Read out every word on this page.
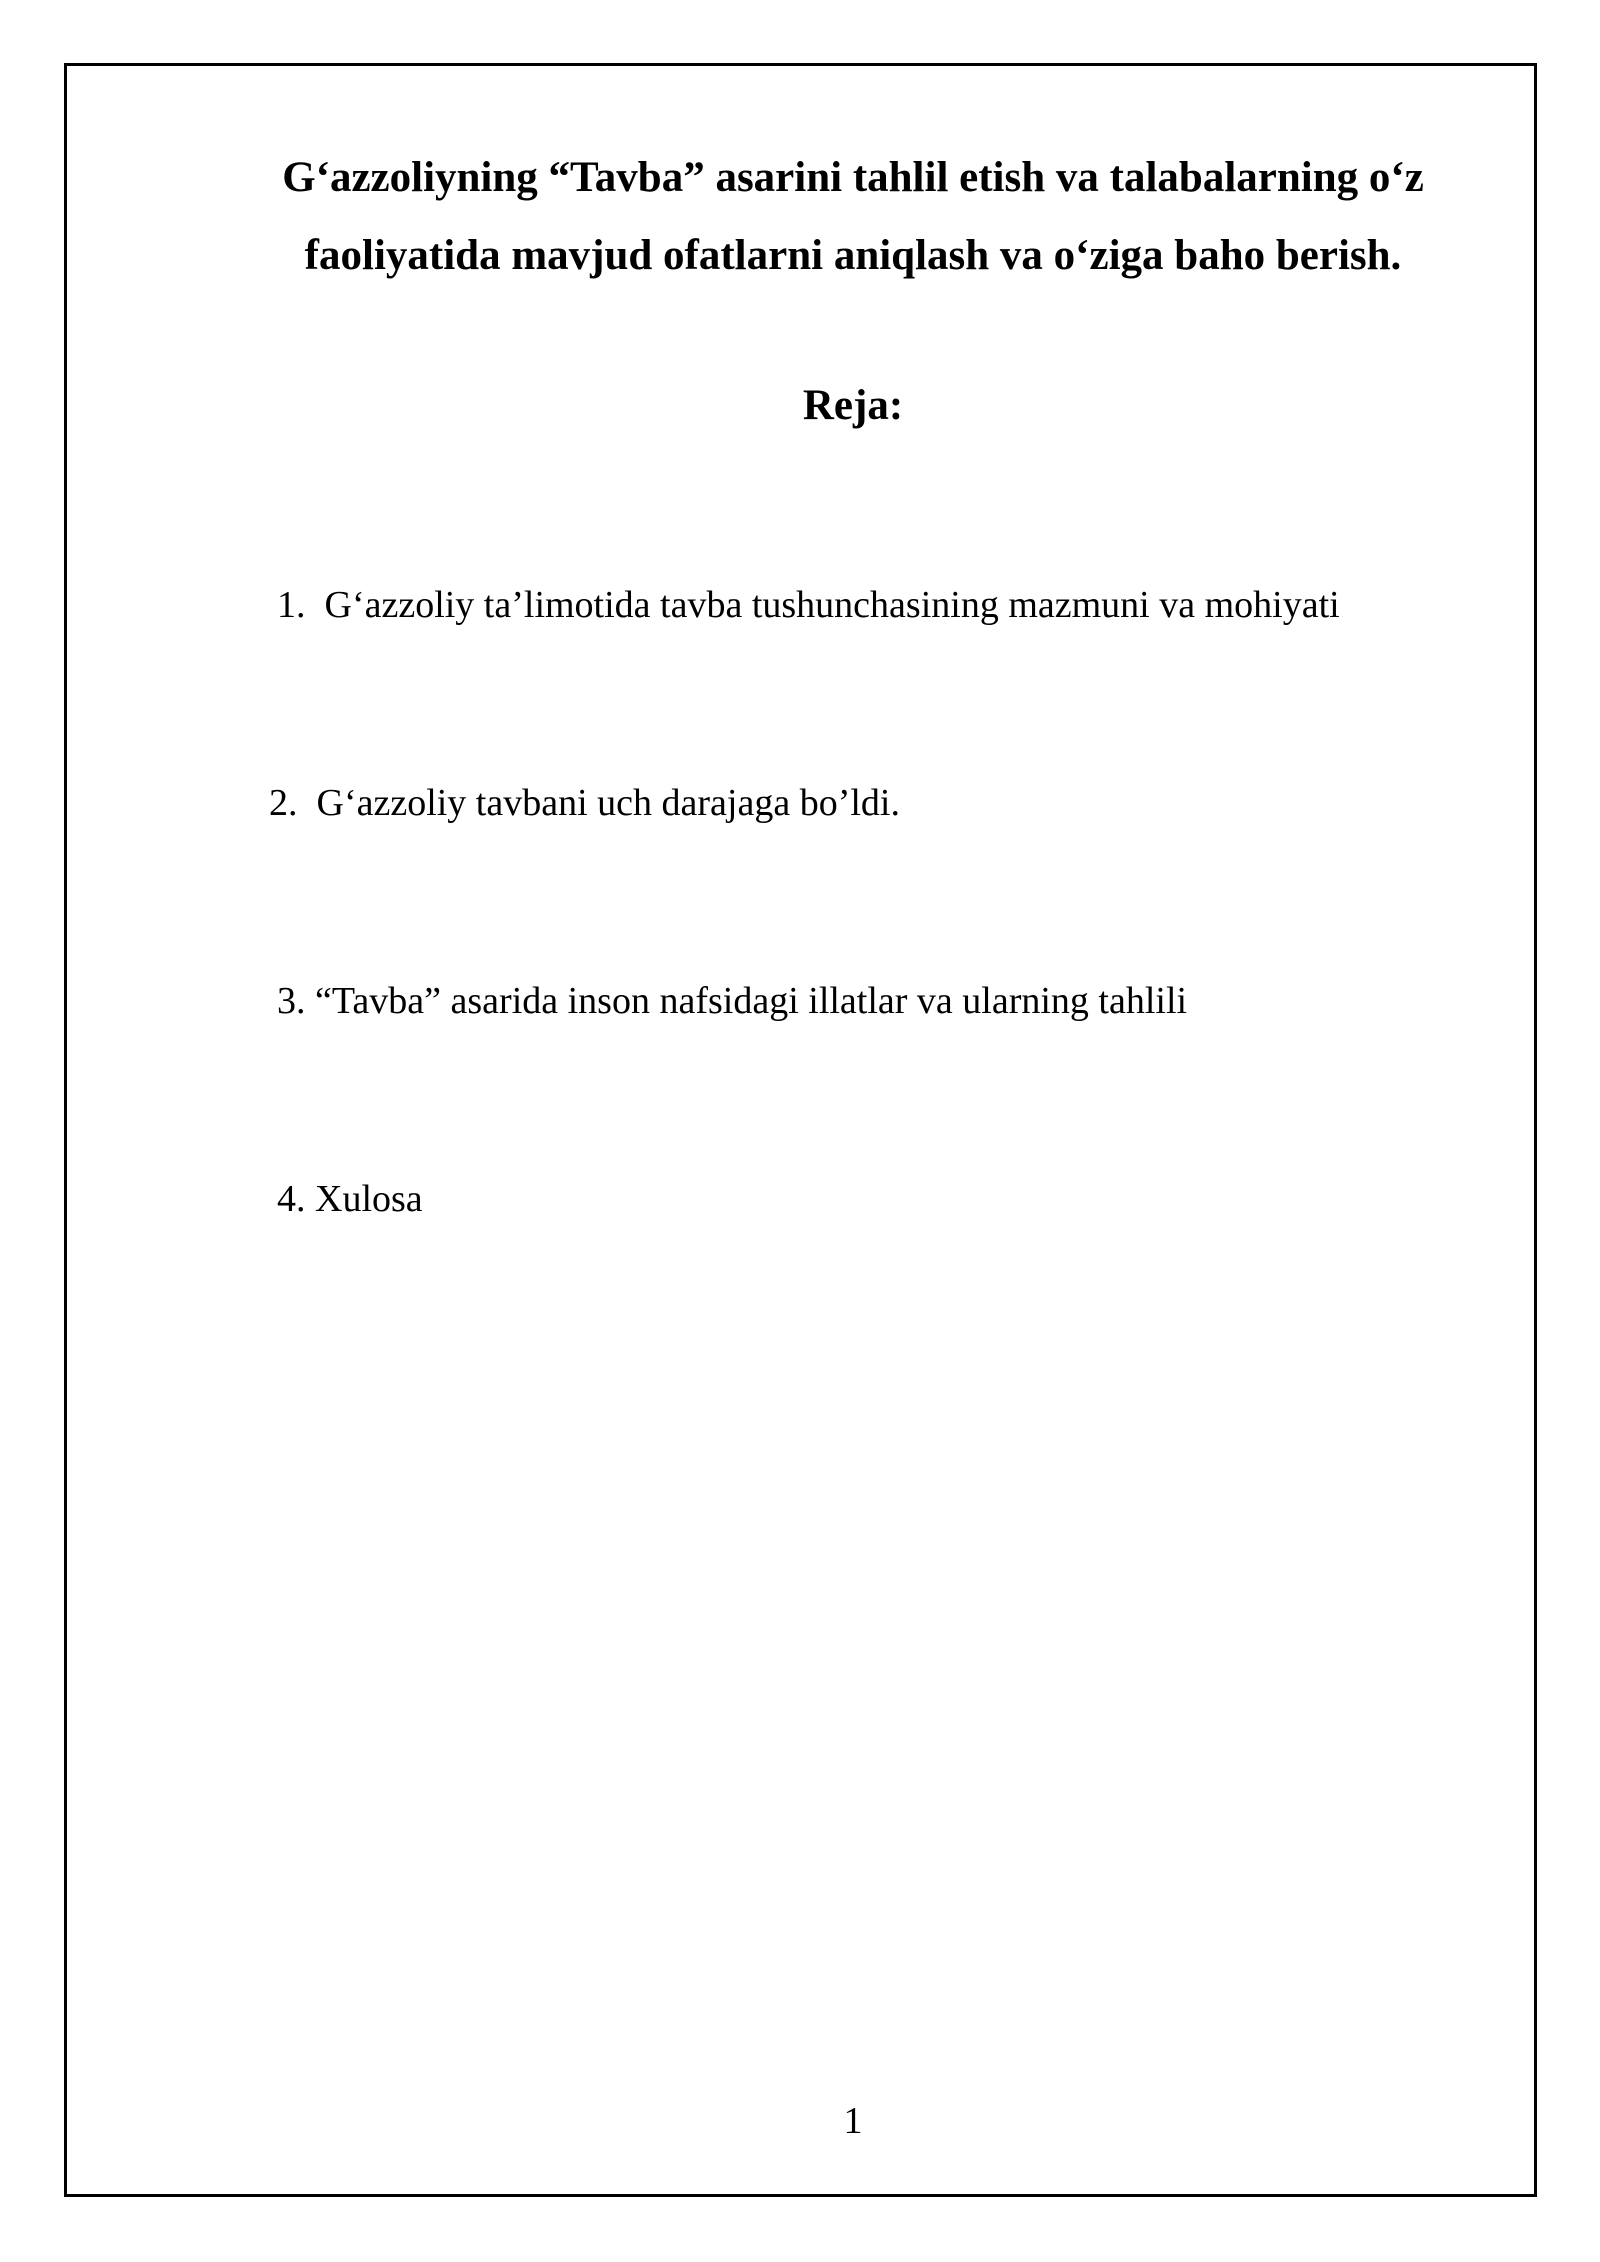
G‘azzoliyning “Tavba” asarini tahlil etish va talabalarning o‘z
faoliyatida mavjud ofatlarni aniqlash va o‘ziga baho berish.
Reja:

1.  G‘azzoliy ta’limotida tavba tushunchasining mazmuni va mohiyati

2.  G‘azzoliy tavbani uch darajaga bo’ldi.

3. “Tavba” asarida inson nafsidagi illatlar va ularning tahlili

4. Xulosa

1
